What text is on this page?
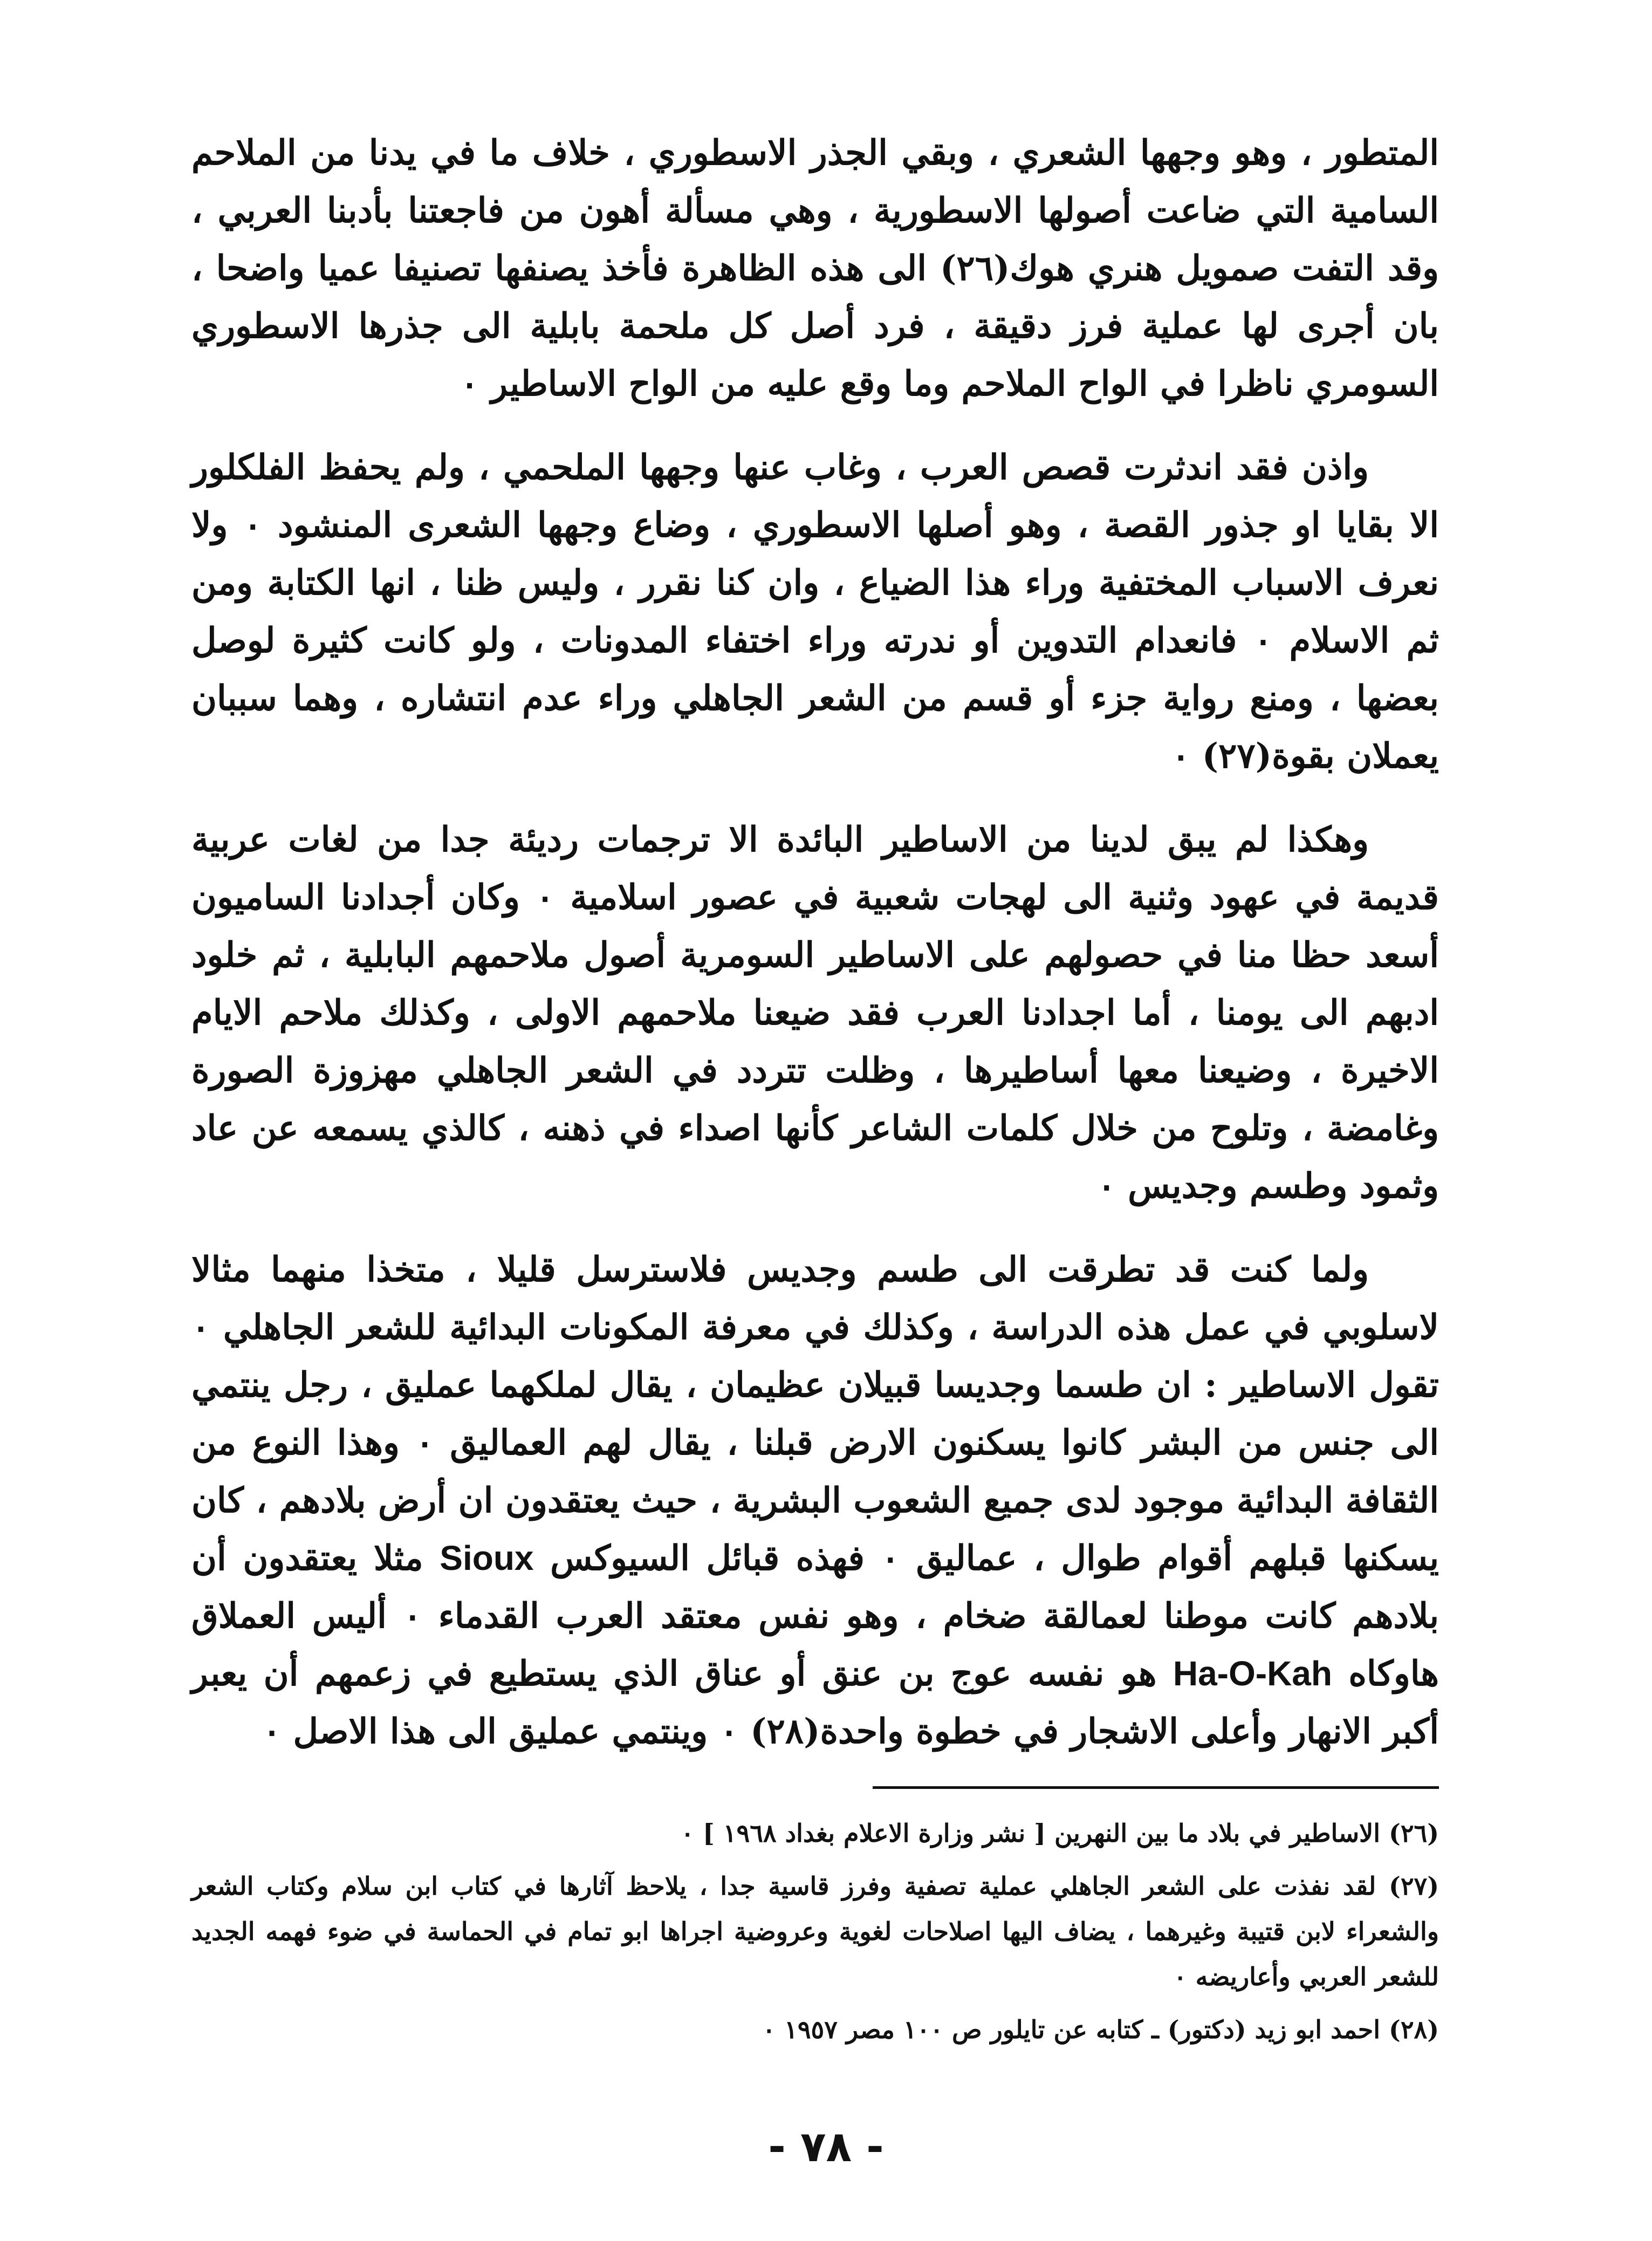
المتطور ، وهو وجهها الشعري ، وبقي الجذر الاسطوري ، خلاف ما في يدنا من الملاحم السامية التي ضاعت أصولها الاسطورية ، وهي مسألة أهون من فاجعتنا بأدبنا العربي ، وقد التفت صمويل هنري هوك(٢٦) الى هذه الظاهرة فأخذ يصنفها تصنيفا عميا واضحا ، بان أجرى لها عملية فرز دقيقة ، فرد أصل كل ملحمة بابلية الى جذرها الاسطوري السومري ناظرا في الواح الملاحم وما وقع عليه من الواح الاساطير ٠

واذن فقد اندثرت قصص العرب ، وغاب عنها وجهها الملحمي ، ولم يحفظ الفلكلور الا بقايا او جذور القصة ، وهو أصلها الاسطوري ، وضاع وجهها الشعرى المنشود ٠ ولا نعرف الاسباب المختفية وراء هذا الضياع ، وان كنا نقرر ، وليس ظنا ، انها الكتابة ومن ثم الاسلام ٠ فانعدام التدوين أو ندرته وراء اختفاء المدونات ، ولو كانت كثيرة لوصل بعضها ، ومنع رواية جزء أو قسم من الشعر الجاهلي وراء عدم انتشاره ، وهما سببان يعملان بقوة(٢٧) ٠

وهكذا لم يبق لدينا من الاساطير البائدة الا ترجمات رديئة جدا من لغات عربية قديمة في عهود وثنية الى لهجات شعبية في عصور اسلامية ٠ وكان أجدادنا الساميون أسعد حظا منا في حصولهم على الاساطير السومرية أصول ملاحمهم البابلية ، ثم خلود ادبهم الى يومنا ، أما اجدادنا العرب فقد ضيعنا ملاحمهم الاولى ، وكذلك ملاحم الايام الاخيرة ، وضيعنا معها أساطيرها ، وظلت تتردد في الشعر الجاهلي مهزوزة الصورة وغامضة ، وتلوح من خلال كلمات الشاعر كأنها اصداء في ذهنه ، كالذي يسمعه عن عاد وثمود وطسم وجديس ٠

ولما كنت قد تطرقت الى طسم وجديس فلاسترسل قليلا ، متخذا منهما مثالا لاسلوبي في عمل هذه الدراسة ، وكذلك في معرفة المكونات البدائية للشعر الجاهلي ٠ تقول الاساطير : ان طسما وجديسا قبيلان عظيمان ، يقال لملكهما عمليق ، رجل ينتمي الى جنس من البشر كانوا يسكنون الارض قبلنا ، يقال لهم العماليق ٠ وهذا النوع من الثقافة البدائية موجود لدى جميع الشعوب البشرية ، حيث يعتقدون ان أرض بلادهم ، كان يسكنها قبلهم أقوام طوال ، عماليق ٠ فهذه قبائل السيوكس Sioux مثلا يعتقدون أن بلادهم كانت موطنا لعمالقة ضخام ، وهو نفس معتقد العرب القدماء ٠ أليس العملاق هاوكاه Ha-O-Kah هو نفسه عوج بن عنق أو عناق الذي يستطيع في زعمهم أن يعبر أكبر الانهار وأعلى الاشجار في خطوة واحدة(٢٨) ٠ وينتمي عمليق الى هذا الاصل ٠

(٢٦) الاساطير في بلاد ما بين النهرين [ نشر وزارة الاعلام بغداد ١٩٦٨ ] ٠

(٢٧) لقد نفذت على الشعر الجاهلي عملية تصفية وفرز قاسية جدا ، يلاحظ آثارها في كتاب ابن سلام وكتاب الشعر والشعراء لابن قتيبة وغيرهما ، يضاف اليها اصلاحات لغوية وعروضية اجراها ابو تمام في الحماسة في ضوء فهمه الجديد للشعر العربي وأعاريضه ٠

(٢٨) احمد ابو زيد (دكتور) ـ كتابه عن تايلور ص ١٠٠ مصر ١٩٥٧ ٠

- ٧٨ -
